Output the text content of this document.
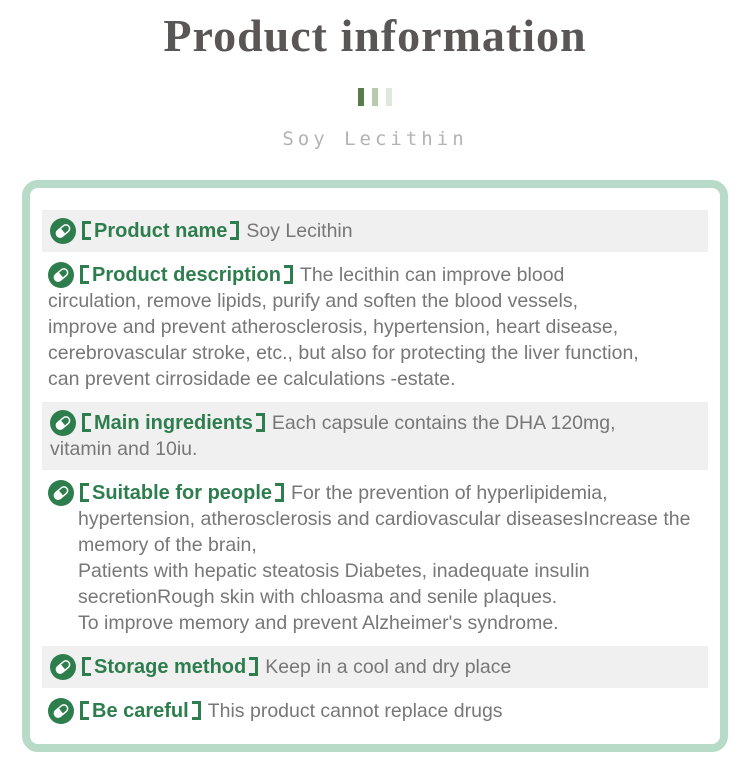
Product information
Soy Lecithin
Product name Soy Lecithin
Product description The lecithin can improve blood circulation, remove lipids, purify and soften the blood vessels, improve and prevent atherosclerosis, hypertension, heart disease, cerebrovascular stroke, etc., but also for protecting the liver function, can prevent cirrosidade ee calculations -estate.
Main ingredients Each capsule contains the DHA 120mg, vitamin and 10iu.
Suitable for people For the prevention of hyperlipidemia, hypertension, atherosclerosis and cardiovascular diseasesIncrease the memory of the brain,
Patients with hepatic steatosis Diabetes, inadequate insulin secretionRough skin with chloasma and senile plaques.
To improve memory and prevent Alzheimer's syndrome.
Storage method Keep in a cool and dry place
Be careful This product cannot replace drugs
